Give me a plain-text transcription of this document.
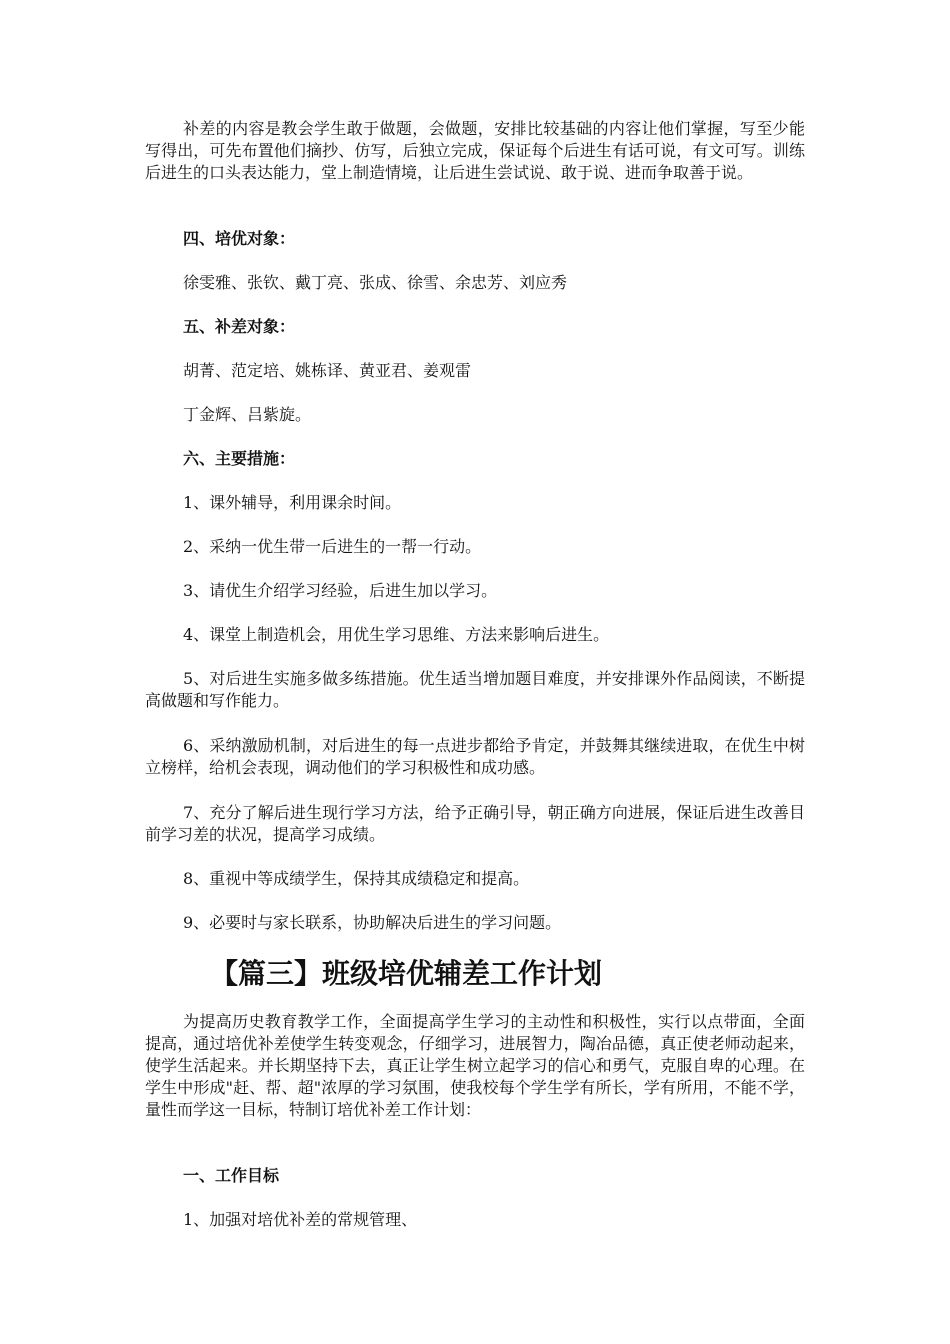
补差的内容是教会学生敢于做题，会做题，安排比较基础的内容让他们掌握，写至少能写得出，可先布置他们摘抄、仿写，后独立完成，保证每个后进生有话可说，有文可写。训练后进生的口头表达能力，堂上制造情境，让后进生尝试说、敢于说、进而争取善于说。

四、培优对象：

徐雯雅、张钦、戴丁亮、张成、徐雪、余忠芳、刘应秀

五、补差对象：

胡菁、范定培、姚栋译、黄亚君、姜观雷

丁金辉、吕紫旋。

六、主要措施：

1、课外辅导，利用课余时间。

2、采纳一优生带一后进生的一帮一行动。

3、请优生介绍学习经验，后进生加以学习。

4、课堂上制造机会，用优生学习思维、方法来影响后进生。

5、对后进生实施多做多练措施。优生适当增加题目难度，并安排课外作品阅读，不断提高做题和写作能力。

6、采纳激励机制，对后进生的每一点进步都给予肯定，并鼓舞其继续进取，在优生中树立榜样，给机会表现，调动他们的学习积极性和成功感。

7、充分了解后进生现行学习方法，给予正确引导，朝正确方向进展，保证后进生改善目前学习差的状况，提高学习成绩。

8、重视中等成绩学生，保持其成绩稳定和提高。

9、必要时与家长联系，协助解决后进生的学习问题。

【篇三】班级培优辅差工作计划

为提高历史教育教学工作，全面提高学生学习的主动性和积极性，实行以点带面，全面提高，通过培优补差使学生转变观念，仔细学习，进展智力，陶冶品德，真正使老师动起来，使学生活起来。并长期坚持下去，真正让学生树立起学习的信心和勇气，克服自卑的心理。在学生中形成"赶、帮、超"浓厚的学习氛围，使我校每个学生学有所长，学有所用，不能不学，量性而学这一目标，特制订培优补差工作计划：

一、工作目标

1、加强对培优补差的常规管理、
